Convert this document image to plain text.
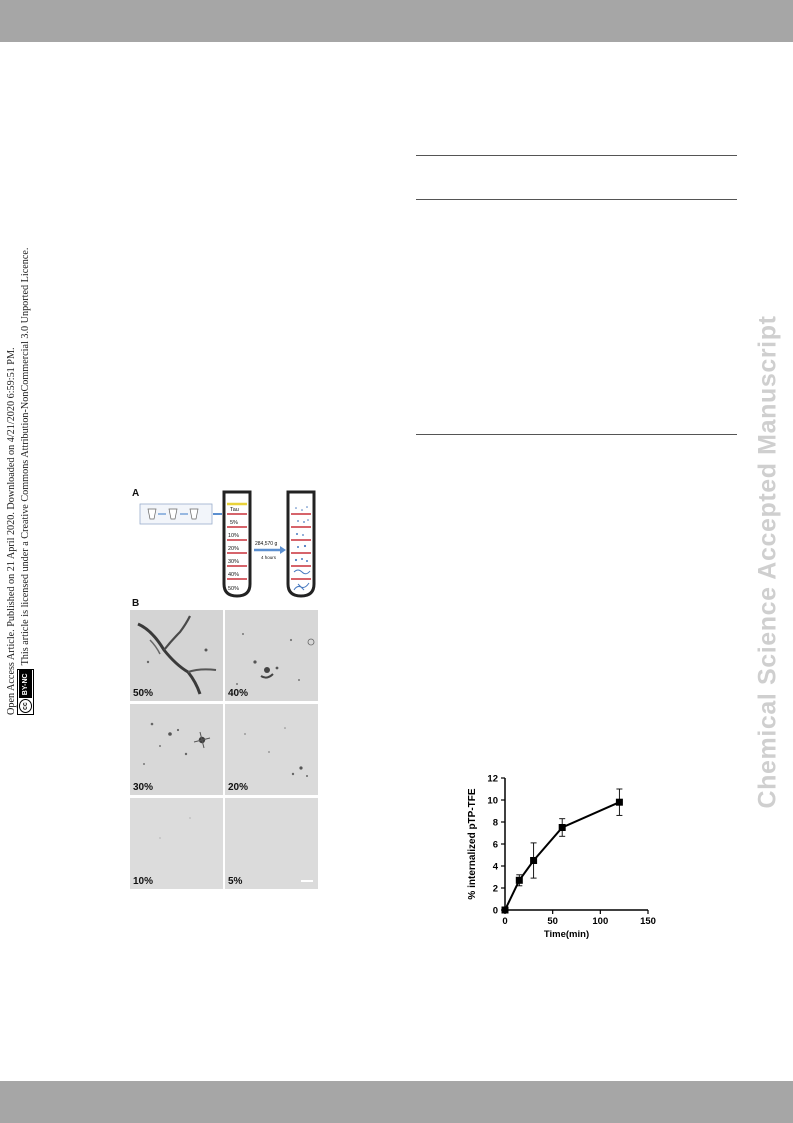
Chemical Science Accepted Manuscript
Open Access Article. Published on 21 April 2020. Downloaded on 4/21/2020 6:59:51 PM. ccBY-NCThis article is licensed under a Creative Commons Attribution-NonCommercial 3.0 Unported Licence.	A
Tau
5%
10%
20%
30%
40%
50%
284,570 g
4 hours
B
50%	40%
30%	20%
10%	5%
0
2
4
6
8
10
12
0	50	100	150
Time(min)
% internalized pTP-TFE
